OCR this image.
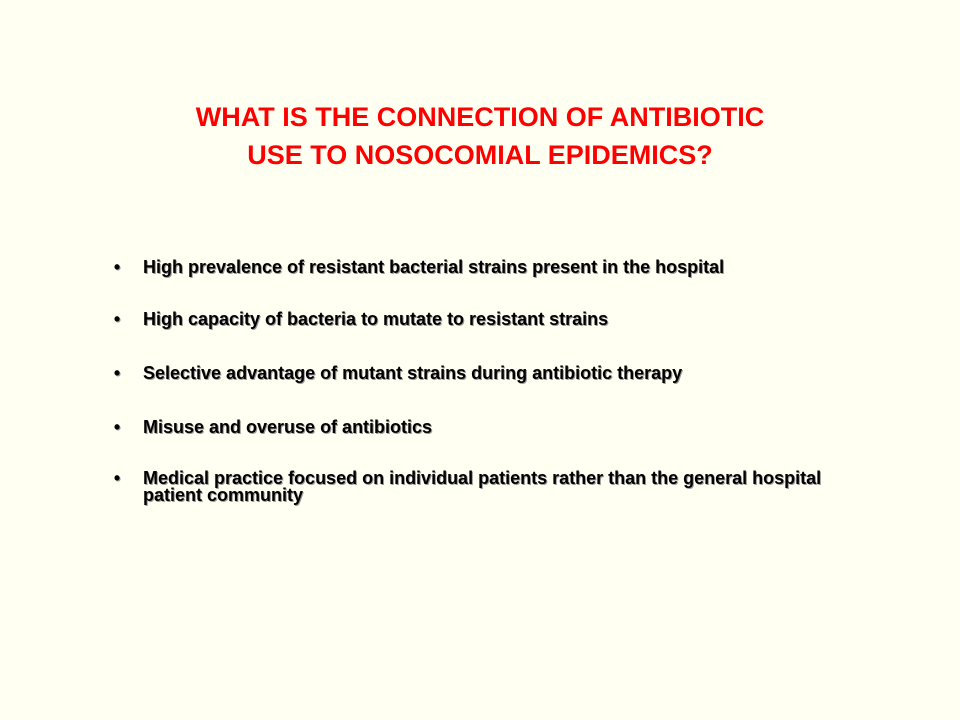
WHAT IS THE CONNECTION OF ANTIBIOTIC
USE TO NOSOCOMIAL EPIDEMICS?
• High prevalence of resistant bacterial strains present in the hospital
• High capacity of bacteria to mutate to resistant strains
• Selective advantage of mutant strains during antibiotic therapy
• Misuse and overuse of antibiotics
• Medical practice focused on individual patients rather than the general hospital patient community
